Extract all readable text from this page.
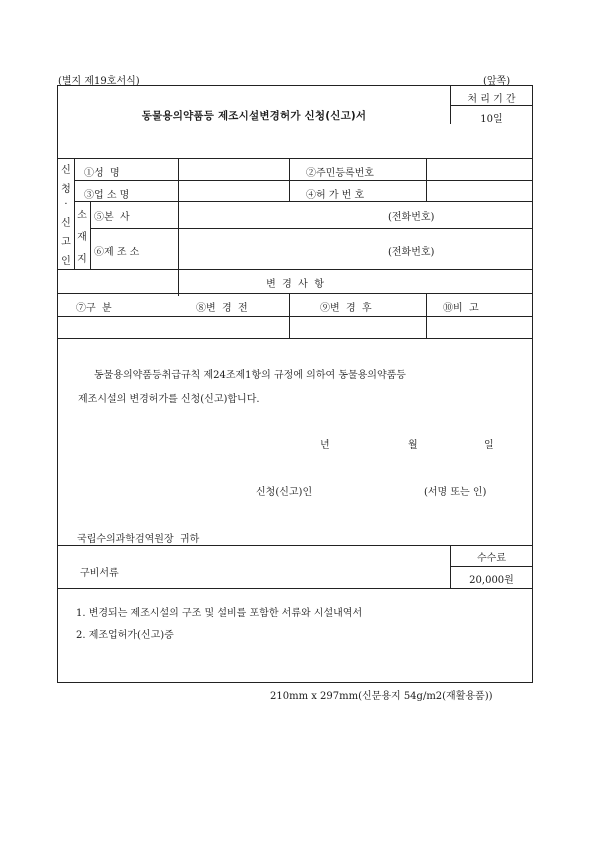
(별지 제19호서식)	(앞쪽)
동물용의약품등 제조시설변경허가 신청(신고)서
처 리 기 간
10일
신
청
·
신
고
인
①성  명	②주민등록번호
③업 소 명	④허 가 번 호
소
재
지
⑤본  사	(전화번호)
⑥제 조 소	(전화번호)
변  경  사  항
⑦구  분	⑧변  경  전	⑨변  경  후	⑩비  고
동물용의약품등취급규칙 제24조제1항의 규정에 의하여 동물용의약품등
제조시설의 변경허가를 신청(신고)합니다.
년	월	일
신청(신고)인	(서명 또는 인)
국립수의과학검역원장  귀하
구비서류
수수료
20,000원
1. 변경되는 제조시설의 구조 및 설비를 포함한 서류와 시설내역서
2. 제조업허가(신고)증
210mm x 297mm(신문용지 54g/m2(재활용품))
